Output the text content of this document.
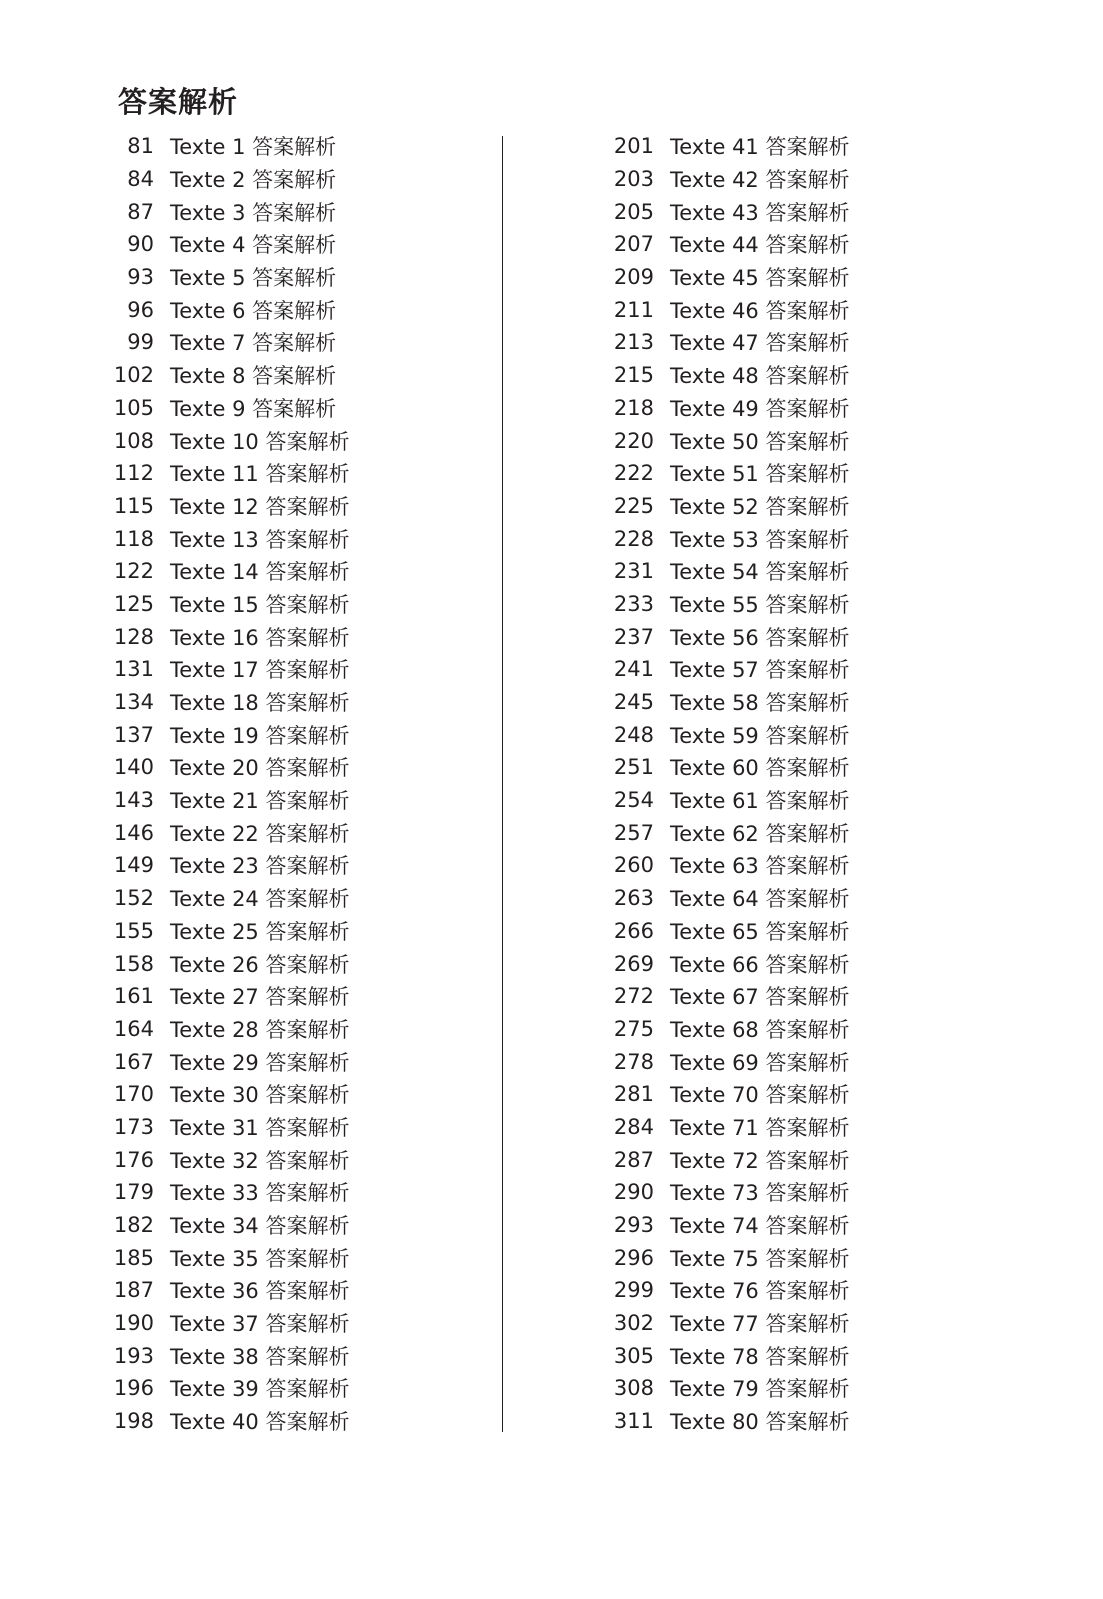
答案解析
81 Texte 1 答案解析
84 Texte 2 答案解析
87 Texte 3 答案解析
90 Texte 4 答案解析
93 Texte 5 答案解析
96 Texte 6 答案解析
99 Texte 7 答案解析
102 Texte 8 答案解析
105 Texte 9 答案解析
108 Texte 10 答案解析
112 Texte 11 答案解析
115 Texte 12 答案解析
118 Texte 13 答案解析
122 Texte 14 答案解析
125 Texte 15 答案解析
128 Texte 16 答案解析
131 Texte 17 答案解析
134 Texte 18 答案解析
137 Texte 19 答案解析
140 Texte 20 答案解析
143 Texte 21 答案解析
146 Texte 22 答案解析
149 Texte 23 答案解析
152 Texte 24 答案解析
155 Texte 25 答案解析
158 Texte 26 答案解析
161 Texte 27 答案解析
164 Texte 28 答案解析
167 Texte 29 答案解析
170 Texte 30 答案解析
173 Texte 31 答案解析
176 Texte 32 答案解析
179 Texte 33 答案解析
182 Texte 34 答案解析
185 Texte 35 答案解析
187 Texte 36 答案解析
190 Texte 37 答案解析
193 Texte 38 答案解析
196 Texte 39 答案解析
198 Texte 40 答案解析
201 Texte 41 答案解析
203 Texte 42 答案解析
205 Texte 43 答案解析
207 Texte 44 答案解析
209 Texte 45 答案解析
211 Texte 46 答案解析
213 Texte 47 答案解析
215 Texte 48 答案解析
218 Texte 49 答案解析
220 Texte 50 答案解析
222 Texte 51 答案解析
225 Texte 52 答案解析
228 Texte 53 答案解析
231 Texte 54 答案解析
233 Texte 55 答案解析
237 Texte 56 答案解析
241 Texte 57 答案解析
245 Texte 58 答案解析
248 Texte 59 答案解析
251 Texte 60 答案解析
254 Texte 61 答案解析
257 Texte 62 答案解析
260 Texte 63 答案解析
263 Texte 64 答案解析
266 Texte 65 答案解析
269 Texte 66 答案解析
272 Texte 67 答案解析
275 Texte 68 答案解析
278 Texte 69 答案解析
281 Texte 70 答案解析
284 Texte 71 答案解析
287 Texte 72 答案解析
290 Texte 73 答案解析
293 Texte 74 答案解析
296 Texte 75 答案解析
299 Texte 76 答案解析
302 Texte 77 答案解析
305 Texte 78 答案解析
308 Texte 79 答案解析
311 Texte 80 答案解析
